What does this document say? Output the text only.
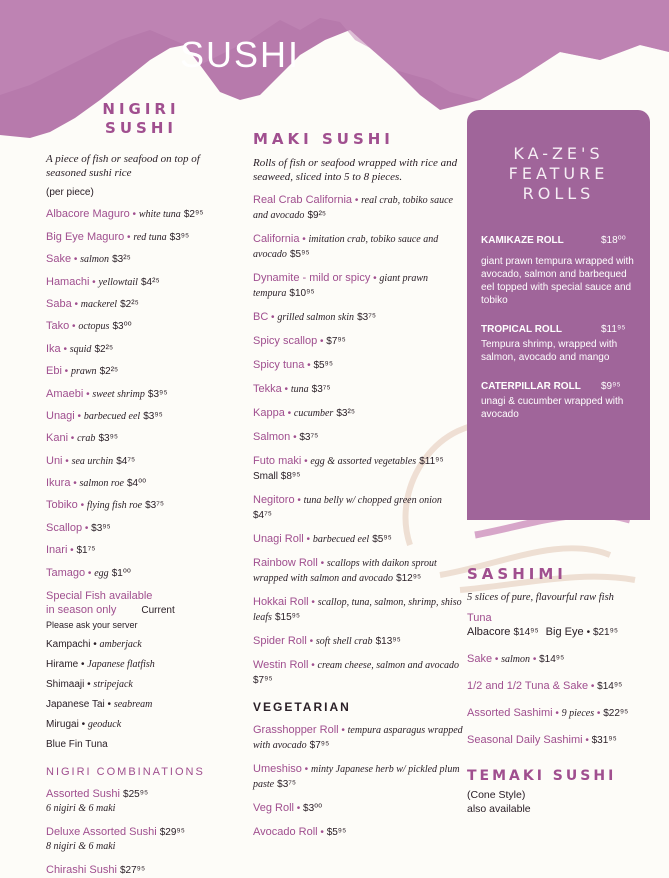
SUSHI
NIGIRI
SUSHI
A piece of fish or seafood on top of seasoned sushi rice
(per piece)
Albacore Maguro • white tuna $2⁹⁵
Big Eye Maguro • red tuna $3⁹⁵
Sake • salmon $3²⁵
Hamachi • yellowtail $4²⁵
Saba • mackerel $2²⁵
Tako • octopus $3⁰⁰
Ika • squid $2²⁵
Ebi • prawn $2²⁵
Amaebi • sweet shrimp $3⁹⁵
Unagi • barbecued eel $3⁹⁵
Kani • crab $3⁹⁵
Uni • sea urchin $4⁷⁵
Ikura • salmon roe $4⁰⁰
Tobiko • flying fish roe $3⁷⁵
Scallop • $3⁹⁵
Inari • $1⁷⁵
Tamago • egg $1⁰⁰
Special Fish available
in season only	Current
Please ask your server
Kampachi • amberjack
Hirame • Japanese flatfish
Shimaaji • stripejack
Japanese Tai • seabream
Mirugai • geoduck
Blue Fin Tuna
NIGIRI COMBINATIONS
Assorted Sushi $25⁹⁵
6 nigiri & 6 maki
Deluxe Assorted Sushi $29⁹⁵
8 nigiri & 6 maki
Chirashi Sushi $27⁹⁵
MAKI SUSHI
Rolls of fish or seafood wrapped with rice and seaweed, sliced into 5 to 8 pieces.
Real Crab California • real crab, tobiko sauce and avocado $9²⁵
California • imitation crab, tobiko sauce and avocado $5⁹⁵
Dynamite - mild or spicy • giant prawn tempura $10⁹⁵
BC • grilled salmon skin $3⁷⁵
Spicy scallop • $7⁹⁵
Spicy tuna • $5⁹⁵
Tekka • tuna $3⁷⁵
Kappa • cucumber $3²⁵
Salmon • $3⁷⁵
Futo maki • egg & assorted vegetables $11⁹⁵ Small $8⁹⁵
Negitoro • tuna belly w/ chopped green onion $4⁷⁵
Unagi Roll • barbecued eel $5⁹⁵
Rainbow Roll • scallops with daikon sprout wrapped with salmon and avocado $12⁹⁵
Hokkai Roll • scallop, tuna, salmon, shrimp, shiso leafs $15⁹⁵
Spider Roll • soft shell crab $13⁹⁵
Westin Roll • cream cheese, salmon and avocado $7⁹⁵
VEGETARIAN
Grasshopper Roll • tempura asparagus wrapped with avocado $7⁹⁵
Umeshiso • minty Japanese herb w/ pickled plum paste $3⁷⁵
Veg Roll • $3⁰⁰
Avocado Roll • $5⁹⁵
KA-ZE'S
FEATURE
ROLLS
KAMIKAZE ROLL	$18⁰⁰
giant prawn tempura wrapped with avocado, salmon and barbequed eel topped with special sauce and tobiko
TROPICAL ROLL	$11⁹⁵
Tempura shrimp, wrapped with salmon, avocado and mango
CATERPILLAR ROLL $9⁹⁵
unagi & cucumber wrapped with avocado
SASHIMI
5 slices of pure, flavourful raw fish
Tuna
Albacore $14⁹⁵ Big Eye • $21⁹⁵
Sake • salmon • $14⁹⁵
1/2 and 1/2 Tuna & Sake • $14⁹⁵
Assorted Sashimi • 9 pieces • $22⁹⁵
Seasonal Daily Sashimi • $31⁹⁵
TEMAKI SUSHI
(Cone Style)
also available
